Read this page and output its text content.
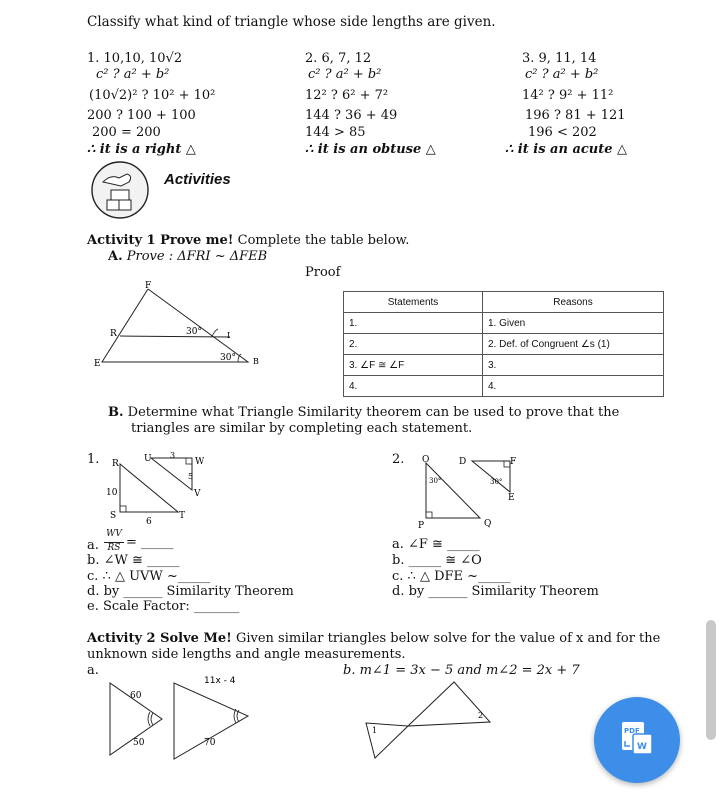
Classify what kind of triangle whose side lengths are given.
1. 10,10, 10√2
c² ? a² + b²
(10√2)² ? 10² + 10²
200 ? 100 + 100
200 = 200
∴ it is a right △
2. 6, 7, 12
c² ? a² + b²
12² ? 6² + 7²
144 ? 36 + 49
144 > 85
∴ it is an obtuse △
3. 9, 11, 14
c² ? a² + b²
14² ? 9² + 11²
196 ? 81 + 121
196 < 202
∴ it is an acute △
Activities
Activity 1 Prove me! Complete the table below.
A. Prove : ΔFRI ~ ΔFEB
Proof
F
R	I
E	B
30°
30°
Statements	Reasons
1.	1. Given
2.	2. Def. of Congruent ∠s (1)
3. ∠F ≅ ∠F	3.
4.	4.
B. Determine what Triangle Similarity theorem can be used to prove that the
triangles are similar by completing each statement.
1. R	U	W
V
S	T
3
5
10
6
a.
WV
RS = _____
b. ∠W ≅ _____
c. ∴ △ UVW ~_____
d. by ______ Similarity Theorem
e. Scale Factor: _______
2. O	D	F
E
P	Q
30°	30°
a. ∠F ≅ _____
b. _____ ≅ ∠O
c. ∴ △ DFE ~_____
d. by ______ Similarity Theorem
Activity 2 Solve Me! Given similar triangles below solve for the value of x and for the
unknown side lengths and angle measurements.
a.	b. m∠1 = 3x − 5 and m∠2 = 2x + 7
60
50
11x - 4
70
1
2
PDF
W
